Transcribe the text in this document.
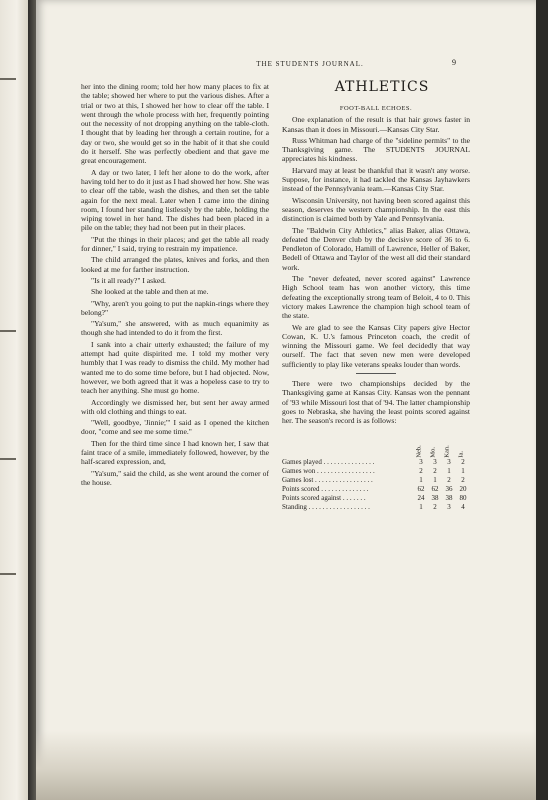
THE STUDENTS JOURNAL.	9

her into the dining room; told her how many places to fix at the table; showed her where to put the various dishes. After a trial or two at this, I showed her how to clear off the table. I went through the whole process with her, frequently pointing out the necessity of not dropping anything on the table-cloth. I thought that by leading her through a certain routine, for a day or two, she would get so in the habit of it that she could do it herself. She was perfectly obedient and that gave me great encouragement.

A day or two later, I left her alone to do the work, after having told her to do it just as I had showed her how. She was to clear off the table, wash the dishes, and then set the table again for the next meal. Later when I came into the dining room, I found her standing listlessly by the table, holding the wiping towel in her hand. The dishes had been placed in a pile on the table; they had not been put in their places.

"Put the things in their places; and get the table all ready for dinner," I said, trying to restrain my impatience.

The child arranged the plates, knives and forks, and then looked at me for farther instruction.

"Is it all ready?" I asked.

She looked at the table and then at me.

"Why, aren't you going to put the napkin-rings where they belong?"

"Ya'sum," she answered, with as much equanimity as though she had intended to do it from the first.

I sank into a chair utterly exhausted; the failure of my attempt had quite dispirited me. I told my mother very humbly that I was ready to dismiss the child. My mother had wanted me to do some time before, but I had objected. Now, however, we both agreed that it was a hopeless case to try to teach her anything. She must go home.

Accordingly we dismissed her, but sent her away armed with old clothing and things to eat.

"Well, goodbye, 'Jinnie;'" I said as I opened the kitchen door, "come and see me some time."

Then for the third time since I had known her, I saw that faint trace of a smile, immediately followed, however, by the half-scared expression, and,

"Ya'sum," said the child, as she went around the corner of the house.

ATHLETICS

FOOT-BALL ECHOES.

One explanation of the result is that hair grows faster in Kansas than it does in Missouri.—Kansas City Star.

Russ Whitman had charge of the "sideline permits" to the Thanksgiving game. The STUDENTS JOURNAL appreciates his kindness.

Harvard may at least be thankful that it wasn't any worse. Suppose, for instance, it had tackled the Kansas Jayhawkers instead of the Pennsylvania team.—Kansas City Star.

Wisconsin University, not having been scored against this season, deserves the western championship. In the east this distinction is claimed both by Yale and Pennsylvania.

The "Baldwin City Athletics," alias Baker, alias Ottawa, defeated the Denver club by the decisive score of 36 to 6. Pendleton of Colorado, Hamill of Lawrence, Heller of Baker, Bedell of Ottawa and Taylor of the west all did their standard work.

The "never defeated, never scored against" Lawrence High School team has won another victory, this time defeating the exceptionally strong team of Beloit, 4 to 0. This victory makes Lawrence the champion high school team of the state.

We are glad to see the Kansas City papers give Hector Cowan, K. U.'s famous Princeton coach, the credit of winning the Missouri game. We feel decidedly that way ourself. The fact that seven new men were developed sufficiently to play like veterans speaks louder than words.

There were two championships decided by the Thanksgiving game at Kansas City. Kansas won the pennant of '93 while Missouri lost that of '94. The latter championship goes to Nebraska, she having the least points scored against her. The season's record is as follows:

	Neb.	Mo.	Kan.	Ia.
Games played . . . . . . . . . . . . . . .	3	3	3	2
Games won . . . . . . . . . . . . . . . . .	2	2	1	1
Games lost . . . . . . . . . . . . . . . . .	1	1	2	2
Points scored . . . . . . . . . . . . . .	62	62	36	20
Points scored against . . . . . . .	24	38	38	80
Standing . . . . . . . . . . . . . . . . . .	1	2	3	4
